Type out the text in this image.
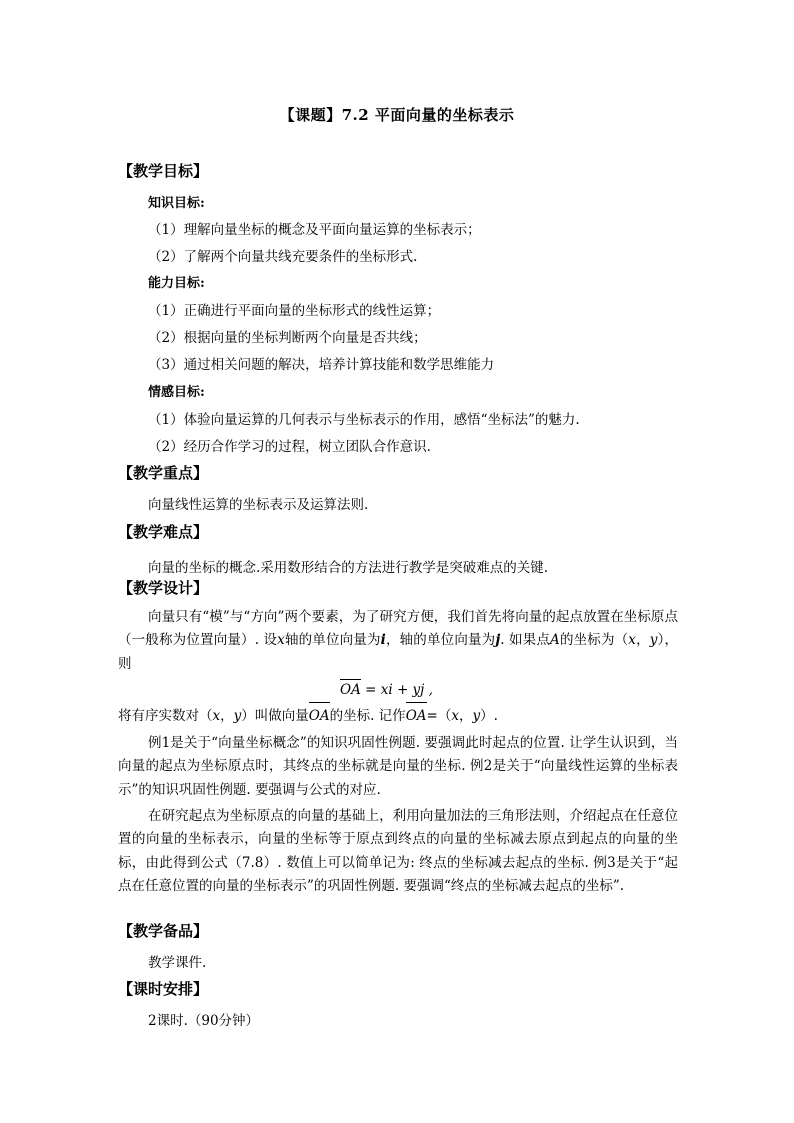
【课题】7.2 平面向量的坐标表示
【教学目标】
知识目标:
（1）理解向量坐标的概念及平面向量运算的坐标表示；
（2）了解两个向量共线充要条件的坐标形式.
能力目标:
（1）正确进行平面向量的坐标形式的线性运算；
（2）根据向量的坐标判断两个向量是否共线；
（3）通过相关问题的解决，培养计算技能和数学思维能力
情感目标:
（1）体验向量运算的几何表示与坐标表示的作用，感悟“坐标法”的魅力.
（2）经历合作学习的过程，树立团队合作意识.
【教学重点】
向量线性运算的坐标表示及运算法则.
【教学难点】
向量的坐标的概念.采用数形结合的方法进行教学是突破难点的关键.
【教学设计】
向量只有“模”与“方向”两个要素，为了研究方便，我们首先将向量的起点放置在坐标原点（一般称为位置向量）. 设x轴的单位向量为i，轴的单位向量为j. 如果点A的坐标为（x，y），则
OA = xi + yj ,
将有序实数对（x，y）叫做向量OA的坐标. 记作OA=（x，y）.
例1是关于“向量坐标概念”的知识巩固性例题. 要强调此时起点的位置. 让学生认识到，当向量的起点为坐标原点时，其终点的坐标就是向量的坐标. 例2是关于“向量线性运算的坐标表示”的知识巩固性例题. 要强调与公式的对应.
在研究起点为坐标原点的向量的基础上，利用向量加法的三角形法则，介绍起点在任意位置的向量的坐标表示，向量的坐标等于原点到终点的向量的坐标减去原点到起点的向量的坐标，由此得到公式（7.8）. 数值上可以简单记为: 终点的坐标减去起点的坐标. 例3是关于“起点在任意位置的向量的坐标表示”的巩固性例题. 要强调“终点的坐标减去起点的坐标”.
【教学备品】
教学课件.
【课时安排】
2课时.（90分钟）
